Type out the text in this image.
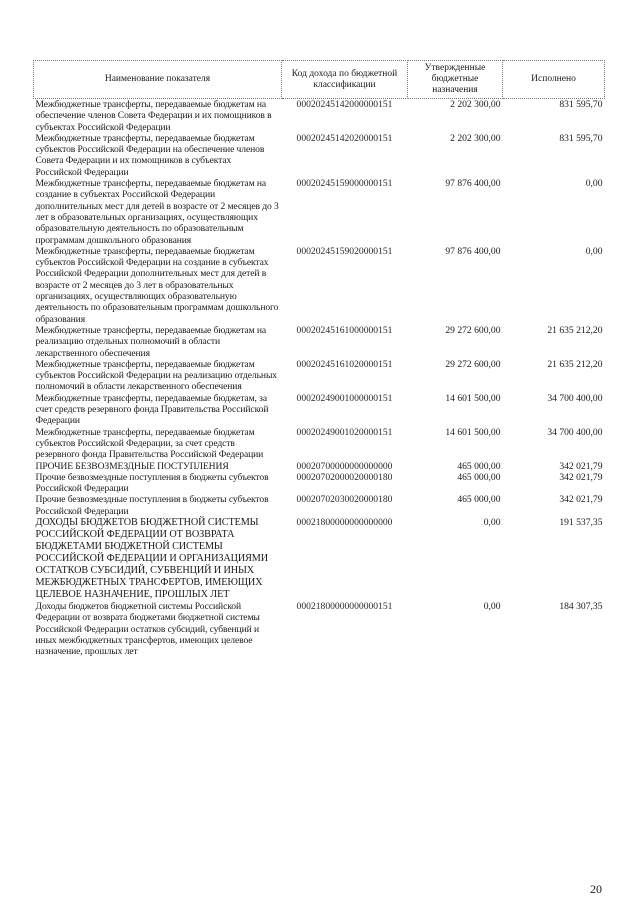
Наименование показателя	Код дохода по бюджетной классификации	Утвержденные бюджетные назначения	Исполнено
Межбюджетные трансферты, передаваемые бюджетам на обеспечение членов Совета Федерации и их помощников в субъектах Российской Федерации	00020245142000000151	2 202 300,00	831 595,70
Межбюджетные трансферты, передаваемые бюджетам субъектов Российской Федерации на обеспечение членов Совета Федерации и их помощников в субъектах Российской Федерации	00020245142020000151	2 202 300,00	831 595,70
Межбюджетные трансферты, передаваемые бюджетам на создание в субъектах Российской Федерации дополнительных мест для детей в возрасте от 2 месяцев до 3 лет в образовательных организациях, осуществляющих образовательную деятельность по образовательным программам дошкольного образования	00020245159000000151	97 876 400,00	0,00
Межбюджетные трансферты, передаваемые бюджетам субъектов Российской Федерации на создание в субъектах Российской Федерации дополнительных мест для детей в возрасте от 2 месяцев до 3 лет в образовательных организациях, осуществляющих образовательную деятельность по образовательным программам дошкольного образования	00020245159020000151	97 876 400,00	0,00
Межбюджетные трансферты, передаваемые бюджетам на реализацию отдельных полномочий в области лекарственного обеспечения	00020245161000000151	29 272 600,00	21 635 212,20
Межбюджетные трансферты, передаваемые бюджетам субъектов Российской Федерации на реализацию отдельных полномочий в области лекарственного обеспечения	00020245161020000151	29 272 600,00	21 635 212,20
Межбюджетные трансферты, передаваемые бюджетам, за счет средств резервного фонда Правительства Российской Федерации	00020249001000000151	14 601 500,00	34 700 400,00
Межбюджетные трансферты, передаваемые бюджетам субъектов Российской Федерации, за счет средств резервного фонда Правительства Российской Федерации	00020249001020000151	14 601 500,00	34 700 400,00
ПРОЧИЕ БЕЗВОЗМЕЗДНЫЕ ПОСТУПЛЕНИЯ	00020700000000000000	465 000,00	342 021,79
Прочие безвозмездные поступления в бюджеты субъектов Российской Федерации	00020702000020000180	465 000,00	342 021,79
Прочие безвозмездные поступления в бюджеты субъектов Российской Федерации	00020702030020000180	465 000,00	342 021,79
ДОХОДЫ БЮДЖЕТОВ БЮДЖЕТНОЙ СИСТЕМЫ РОССИЙСКОЙ ФЕДЕРАЦИИ ОТ ВОЗВРАТА БЮДЖЕТАМИ БЮДЖЕТНОЙ СИСТЕМЫ РОССИЙСКОЙ ФЕДЕРАЦИИ И ОРГАНИЗАЦИЯМИ ОСТАТКОВ СУБСИДИЙ, СУБВЕНЦИЙ И ИНЫХ МЕЖБЮДЖЕТНЫХ ТРАНСФЕРТОВ, ИМЕЮЩИХ ЦЕЛЕВОЕ НАЗНАЧЕНИЕ, ПРОШЛЫХ ЛЕТ	00021800000000000000	0,00	191 537,35
Доходы бюджетов бюджетной системы Российской Федерации от возврата бюджетами бюджетной системы Российской Федерации остатков субсидий, субвенций и иных межбюджетных трансфертов, имеющих целевое назначение, прошлых лет	00021800000000000151	0,00	184 307,35
20
